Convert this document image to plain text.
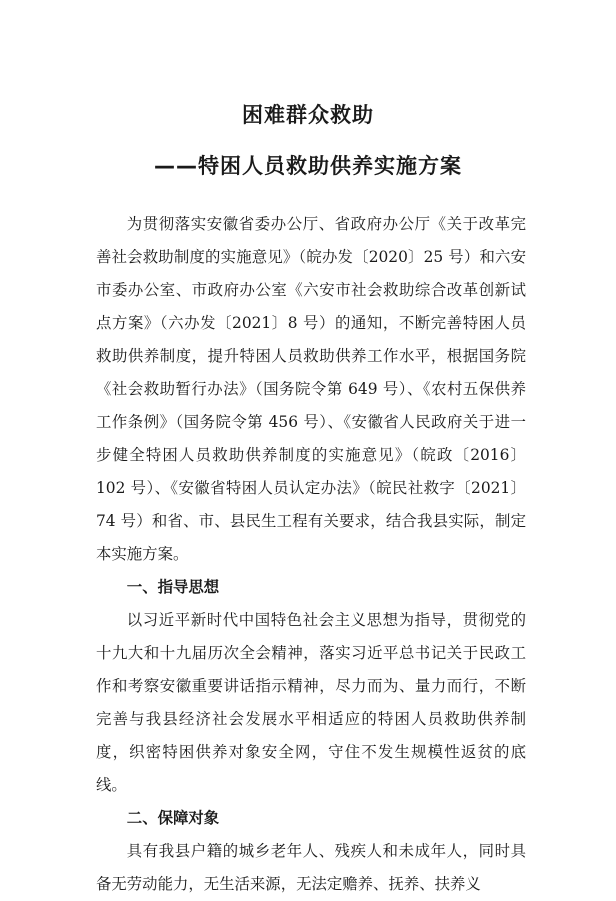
困难群众救助
——特困人员救助供养实施方案

为贯彻落实安徽省委办公厅、省政府办公厅《关于改革完善社会救助制度的实施意见》（皖办发〔2020〕25 号）和六安市委办公室、市政府办公室《六安市社会救助综合改革创新试点方案》（六办发〔2021〕8 号）的通知，不断完善特困人员救助供养制度，提升特困人员救助供养工作水平，根据国务院《社会救助暂行办法》（国务院令第 649 号）、《农村五保供养工作条例》（国务院令第 456 号）、《安徽省人民政府关于进一步健全特困人员救助供养制度的实施意见》（皖政〔2016〕102 号）、《安徽省特困人员认定办法》（皖民社救字〔2021〕74 号）和省、市、县民生工程有关要求，结合我县实际，制定本实施方案。

一、指导思想

以习近平新时代中国特色社会主义思想为指导，贯彻党的十九大和十九届历次全会精神，落实习近平总书记关于民政工作和考察安徽重要讲话指示精神，尽力而为、量力而行，不断完善与我县经济社会发展水平相适应的特困人员救助供养制度，织密特困供养对象安全网，守住不发生规模性返贫的底线。

二、保障对象

具有我县户籍的城乡老年人、残疾人和未成年人，同时具备无劳动能力，无生活来源，无法定赡养、抚养、扶养义
